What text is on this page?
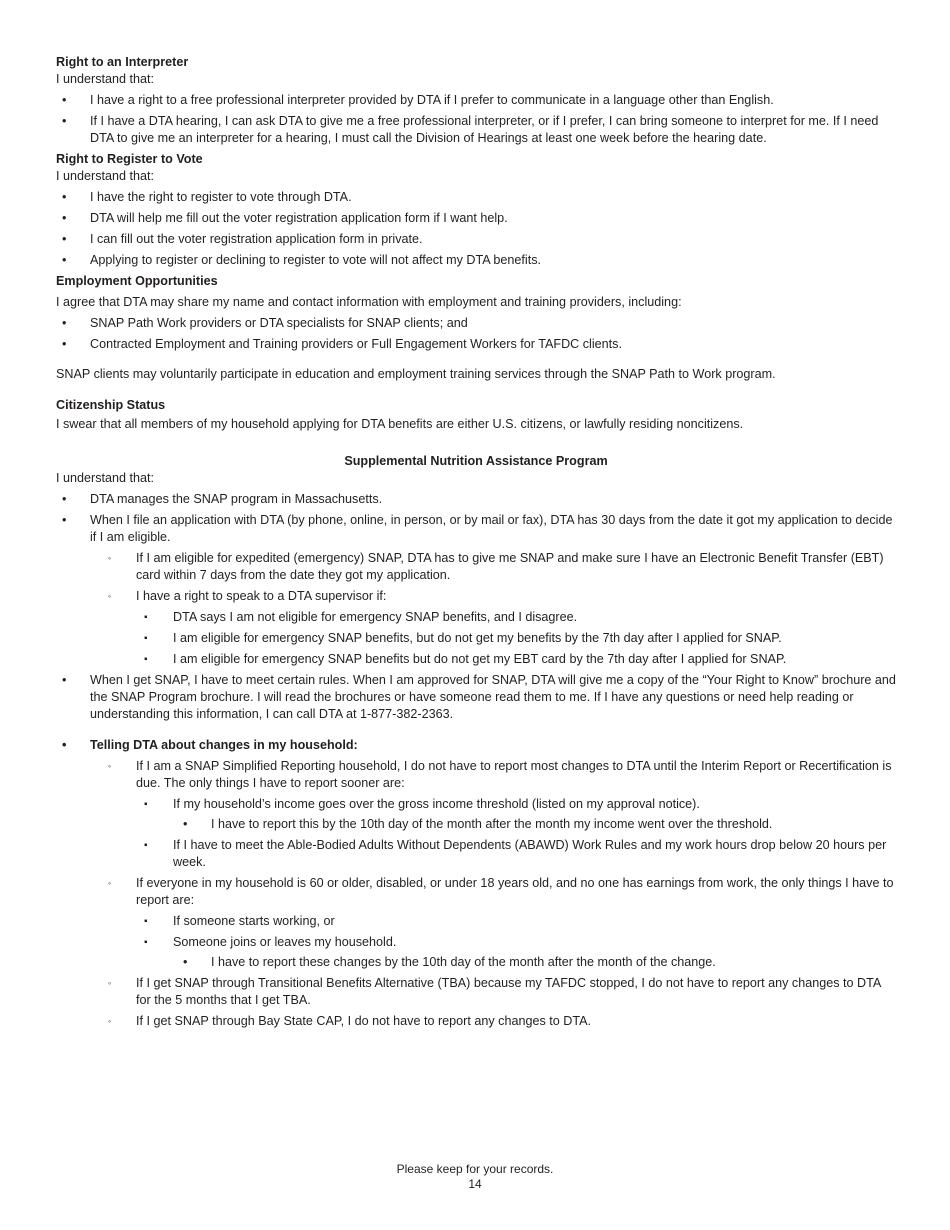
Right to an Interpreter

I understand that:

• I have a right to a free professional interpreter provided by DTA if I prefer to communicate in a language other than English.
• If I have a DTA hearing, I can ask DTA to give me a free professional interpreter, or if I prefer, I can bring someone to interpret for me. If I need DTA to give me an interpreter for a hearing, I must call the Division of Hearings at least one week before the hearing date.
Right to Register to Vote

I understand that:

• I have the right to register to vote through DTA.
• DTA will help me fill out the voter registration application form if I want help.
• I can fill out the voter registration application form in private.
• Applying to register or declining to register to vote will not affect my DTA benefits.
Employment Opportunities

I agree that DTA may share my name and contact information with employment and training providers, including:

• SNAP Path Work providers or DTA specialists for SNAP clients; and
• Contracted Employment and Training providers or Full Engagement Workers for TAFDC clients.

SNAP clients may voluntarily participate in education and employment training services through the SNAP Path to Work program.

Citizenship Status

I swear that all members of my household applying for DTA benefits are either U.S. citizens, or lawfully residing noncitizens.

Supplemental Nutrition Assistance Program

I understand that:

• DTA manages the SNAP program in Massachusetts.
• When I file an application with DTA (by phone, online, in person, or by mail or fax), DTA has 30 days from the date it got my application to decide if I am eligible.
◦ If I am eligible for expedited (emergency) SNAP, DTA has to give me SNAP and make sure I have an Electronic Benefit Transfer (EBT) card within 7 days from the date they got my application.
◦ I have a right to speak to a DTA supervisor if:
▪ DTA says I am not eligible for emergency SNAP benefits, and I disagree.
▪ I am eligible for emergency SNAP benefits, but do not get my benefits by the 7th day after I applied for SNAP.
▪ I am eligible for emergency SNAP benefits but do not get my EBT card by the 7th day after I applied for SNAP.
• When I get SNAP, I have to meet certain rules. When I am approved for SNAP, DTA will give me a copy of the “Your Right to Know” brochure and the SNAP Program brochure. I will read the brochures or have someone read them to me. If I have any questions or need help reading or understanding this information, I can call DTA at 1-877-382-2363.
• Telling DTA about changes in my household:
◦ If I am a SNAP Simplified Reporting household, I do not have to report most changes to DTA until the Interim Report or Recertification is due. The only things I have to report sooner are:
▪ If my household’s income goes over the gross income threshold (listed on my approval notice).
• I have to report this by the 10th day of the month after the month my income went over the threshold.
▪ If I have to meet the Able-Bodied Adults Without Dependents (ABAWD) Work Rules and my work hours drop below 20 hours per week.
◦ If everyone in my household is 60 or older, disabled, or under 18 years old, and no one has earnings from work, the only things I have to report are:
▪ If someone starts working, or
▪ Someone joins or leaves my household.
• I have to report these changes by the 10th day of the month after the month of the change.
◦ If I get SNAP through Transitional Benefits Alternative (TBA) because my TAFDC stopped, I do not have to report any changes to DTA for the 5 months that I get TBA.
◦ If I get SNAP through Bay State CAP, I do not have to report any changes to DTA.
Please keep for your records.
14
